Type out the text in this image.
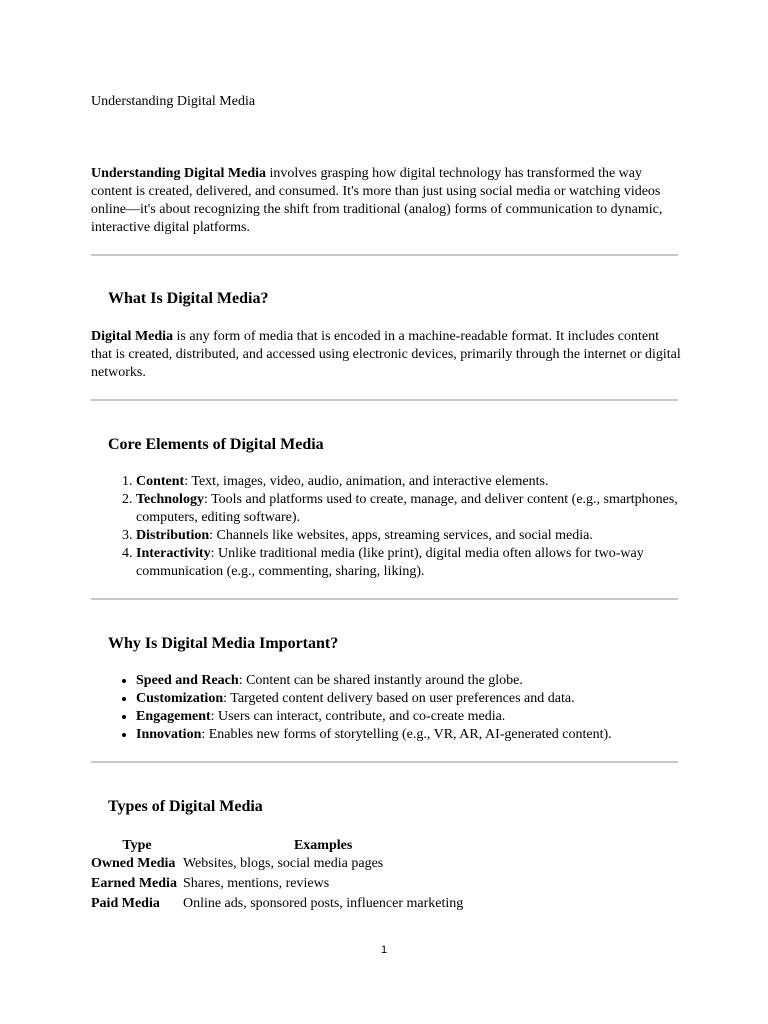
Understanding Digital Media

Understanding Digital Media involves grasping how digital technology has transformed the way content is created, delivered, and consumed. It's more than just using social media or watching videos online—it's about recognizing the shift from traditional (analog) forms of communication to dynamic, interactive digital platforms.

What Is Digital Media?

Digital Media is any form of media that is encoded in a machine-readable format. It includes content that is created, distributed, and accessed using electronic devices, primarily through the internet or digital networks.

Core Elements of Digital Media
1. Content: Text, images, video, audio, animation, and interactive elements.
2. Technology: Tools and platforms used to create, manage, and deliver content (e.g., smartphones, computers, editing software).
3. Distribution: Channels like websites, apps, streaming services, and social media.
4. Interactivity: Unlike traditional media (like print), digital media often allows for two-way communication (e.g., commenting, sharing, liking).
Why Is Digital Media Important?
• Speed and Reach: Content can be shared instantly around the globe.
• Customization: Targeted content delivery based on user preferences and data.
• Engagement: Users can interact, contribute, and co-create media.
• Innovation: Enables new forms of storytelling (e.g., VR, AR, AI-generated content).
Types of Digital Media
Type	Examples
Owned Media	Websites, blogs, social media pages
Earned Media	Shares, mentions, reviews
Paid Media	Online ads, sponsored posts, influencer marketing
1
